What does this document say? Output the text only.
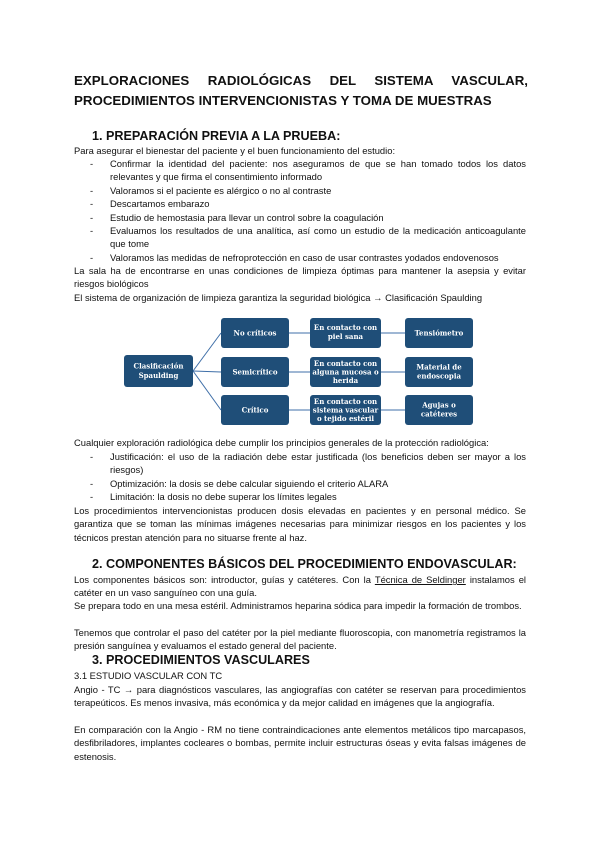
EXPLORACIONES RADIOLÓGICAS DEL SISTEMA VASCULAR,
PROCEDIMIENTOS INTERVENCIONISTAS Y TOMA DE MUESTRAS
1. PREPARACIÓN PREVIA A LA PRUEBA:
Para asegurar el bienestar del paciente y el buen funcionamiento del estudio:
- Confirmar la identidad del paciente: nos aseguramos de que se han tomado todos los datos relevantes y que firma el consentimiento informado
- Valoramos si el paciente es alérgico o no al contraste
- Descartamos embarazo
- Estudio de hemostasia para llevar un control sobre la coagulación
- Evaluamos los resultados de una analítica, así como un estudio de la medicación anticoagulante que tome
- Valoramos las medidas de nefroprotección en caso de usar contrastes yodados endovenosos
La sala ha de encontrarse en unas condiciones de limpieza óptimas para mantener la asepsia y evitar riesgos biológicos
El sistema de organización de limpieza garantiza la seguridad biológica → Clasificación Spaulding
Clasificación
Spaulding
No críticos
Semicrítico
Crítico
En contacto con
piel sana
En contacto con
alguna mucosa o
herida
En contacto con
sistema vascular
o tejido estéril
Tensiómetro
Material de
endoscopia
Agujas o
catéteres
Cualquier exploración radiológica debe cumplir los principios generales de la protección radiológica:
- Justificación: el uso de la radiación debe estar justificada (los beneficios deben ser mayor a los riesgos)
- Optimización: la dosis se debe calcular siguiendo el criterio ALARA
- Limitación: la dosis no debe superar los límites legales
Los procedimientos intervencionistas producen dosis elevadas en pacientes y en personal médico. Se garantiza que se toman las mínimas imágenes necesarias para minimizar riesgos en los pacientes y los técnicos prestan atención para no situarse frente al haz.
2. COMPONENTES BÁSICOS DEL PROCEDIMIENTO ENDOVASCULAR:
Los componentes básicos son: introductor, guías y catéteres. Con la Técnica de Seldinger instalamos el catéter en un vaso sanguíneo con una guía.
Se prepara todo en una mesa estéril. Administramos heparina sódica para impedir la formación de trombos.
Tenemos que controlar el paso del catéter por la piel mediante fluoroscopia, con manometría registramos la presión sanguínea y evaluamos el estado general del paciente.
3. PROCEDIMIENTOS VASCULARES
3.1 ESTUDIO VASCULAR CON TC
Angio - TC → para diagnósticos vasculares, las angiografías con catéter se reservan para procedimientos terapeúticos. Es menos invasiva, más económica y da mejor calidad en imágenes que la angiografía.
En comparación con la Angio - RM no tiene contraindicaciones ante elementos metálicos tipo marcapasos, desfibriladores, implantes cocleares o bombas, permite incluir estructuras óseas y evita falsas imágenes de estenosis.
